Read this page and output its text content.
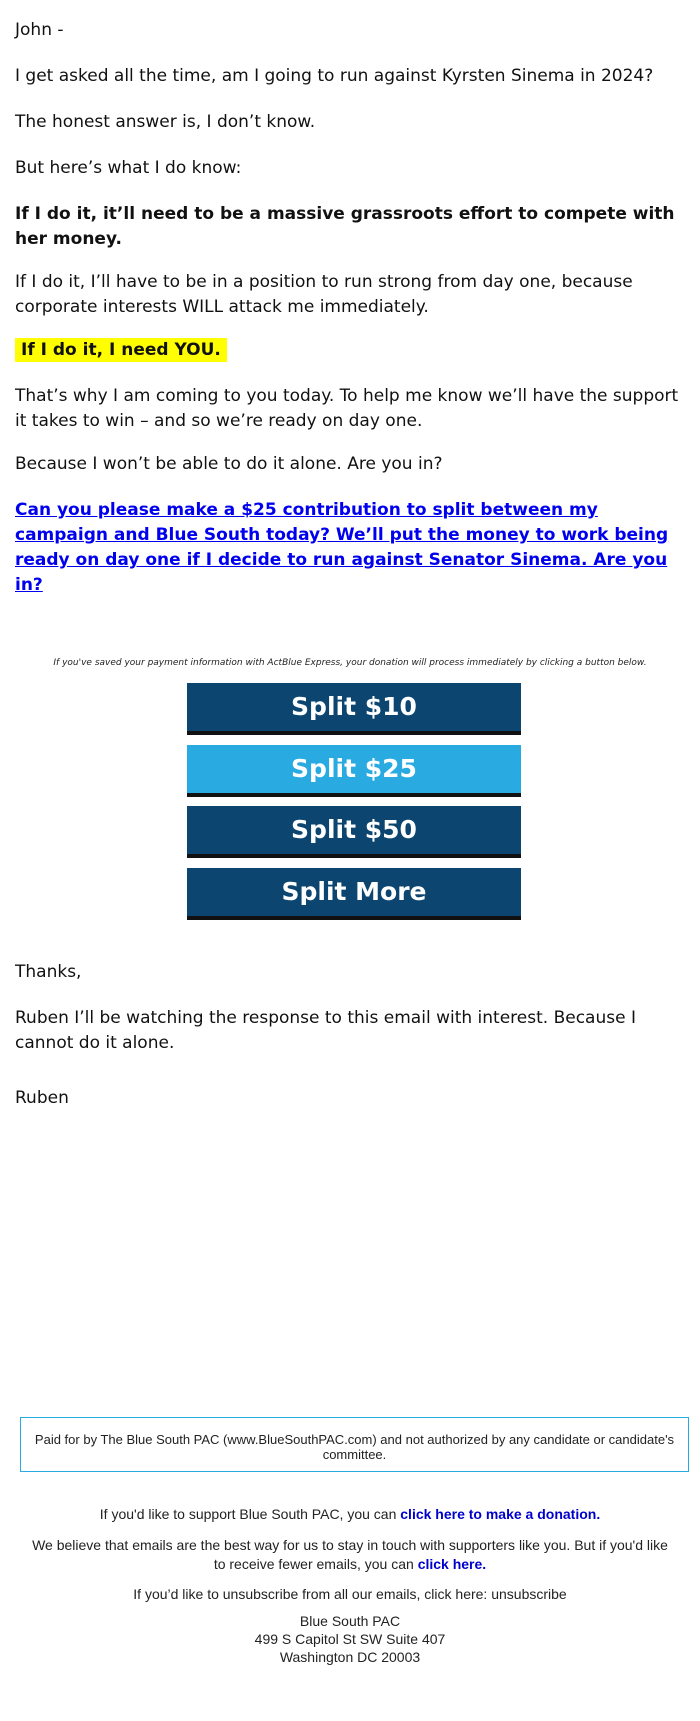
John -

I get asked all the time, am I going to run against Kyrsten Sinema in 2024?

The honest answer is, I don’t know.

But here’s what I do know:

If I do it, it’ll need to be a massive grassroots effort to compete with her money.

If I do it, I’ll have to be in a position to run strong from day one, because corporate interests WILL attack me immediately.

If I do it, I need YOU.

That’s why I am coming to you today. To help me know we’ll have the support it takes to win – and so we’re ready on day one.

Because I won’t be able to do it alone. Are you in?

Can you please make a $25 contribution to split between my campaign and Blue South today? We’ll put the money to work being ready on day one if I decide to run against Senator Sinema. Are you in?

If you've saved your payment information with ActBlue Express, your donation will process immediately by clicking a button below.
Split $10
Split $25
Split $50
Split More

Thanks,

Ruben I’ll be watching the response to this email with interest. Because I cannot do it alone.

Ruben

Paid for by The Blue South PAC (www.BlueSouthPAC.com) and not authorized by any candidate or candidate's committee.
If you'd like to support Blue South PAC, you can click here to make a donation.
We believe that emails are the best way for us to stay in touch with supporters like you. But if you'd like to receive fewer emails, you can click here.
If you’d like to unsubscribe from all our emails, click here: unsubscribe
Blue South PAC
499 S Capitol St SW Suite 407
Washington DC 20003
